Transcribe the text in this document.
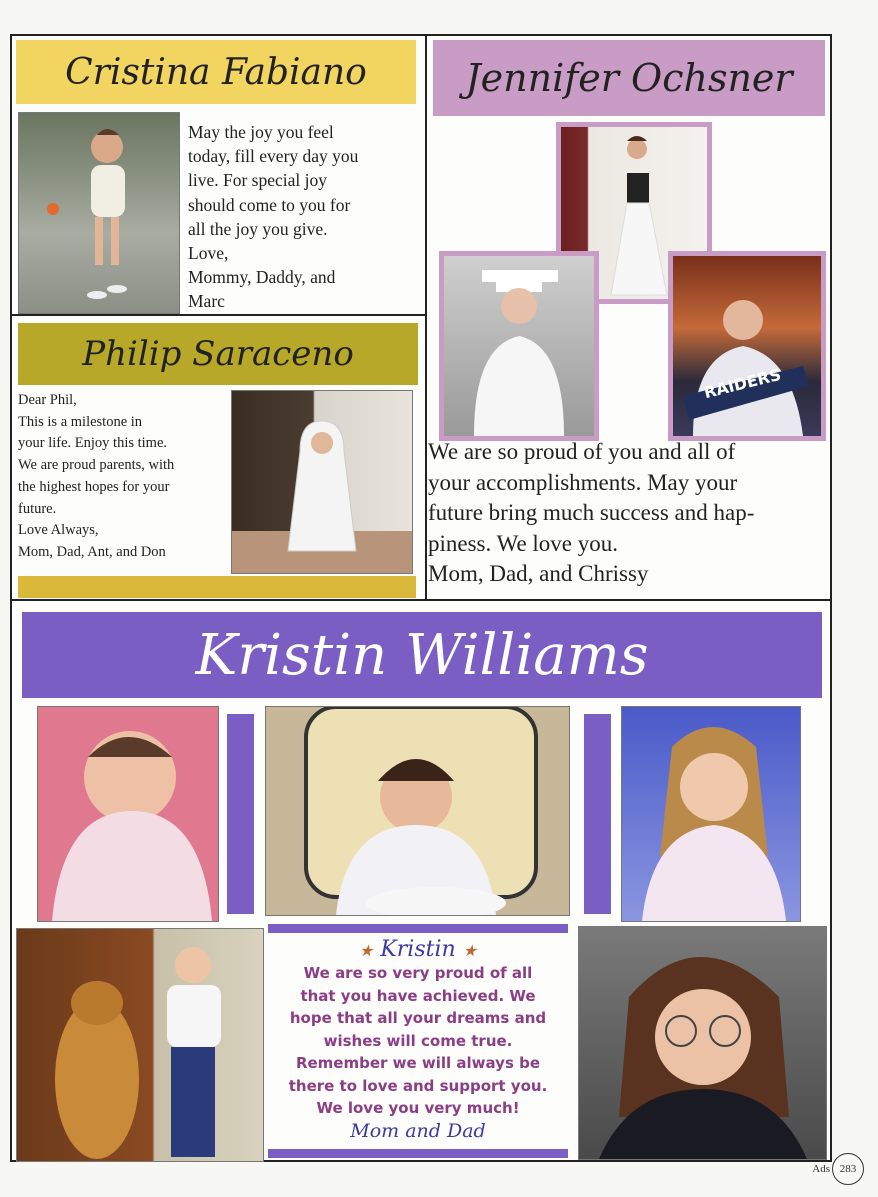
Cristina Fabiano
May the joy you feel
today, fill every day you
live. For special joy
should come to you for
all the joy you give.
Love,
Mommy, Daddy, and
Marc
Philip Saraceno
Dear Phil,
This is a milestone in
your life. Enjoy this time.
We are proud parents, with
the highest hopes for your
future.
Love Always,
Mom, Dad, Ant, and Don
Jennifer Ochsner
RAIDERS
We are so proud of you and all of
your accomplishments. May your
future bring much success and hap-
piness. We love you.
Mom, Dad, and Chrissy
Kristin Williams
★ Kristin ★
We are so very proud of all
that you have achieved. We
hope that all your dreams and
wishes will come true.
Remember we will always be
there to love and support you.
We love you very much!
Mom and Dad
Ads 283
